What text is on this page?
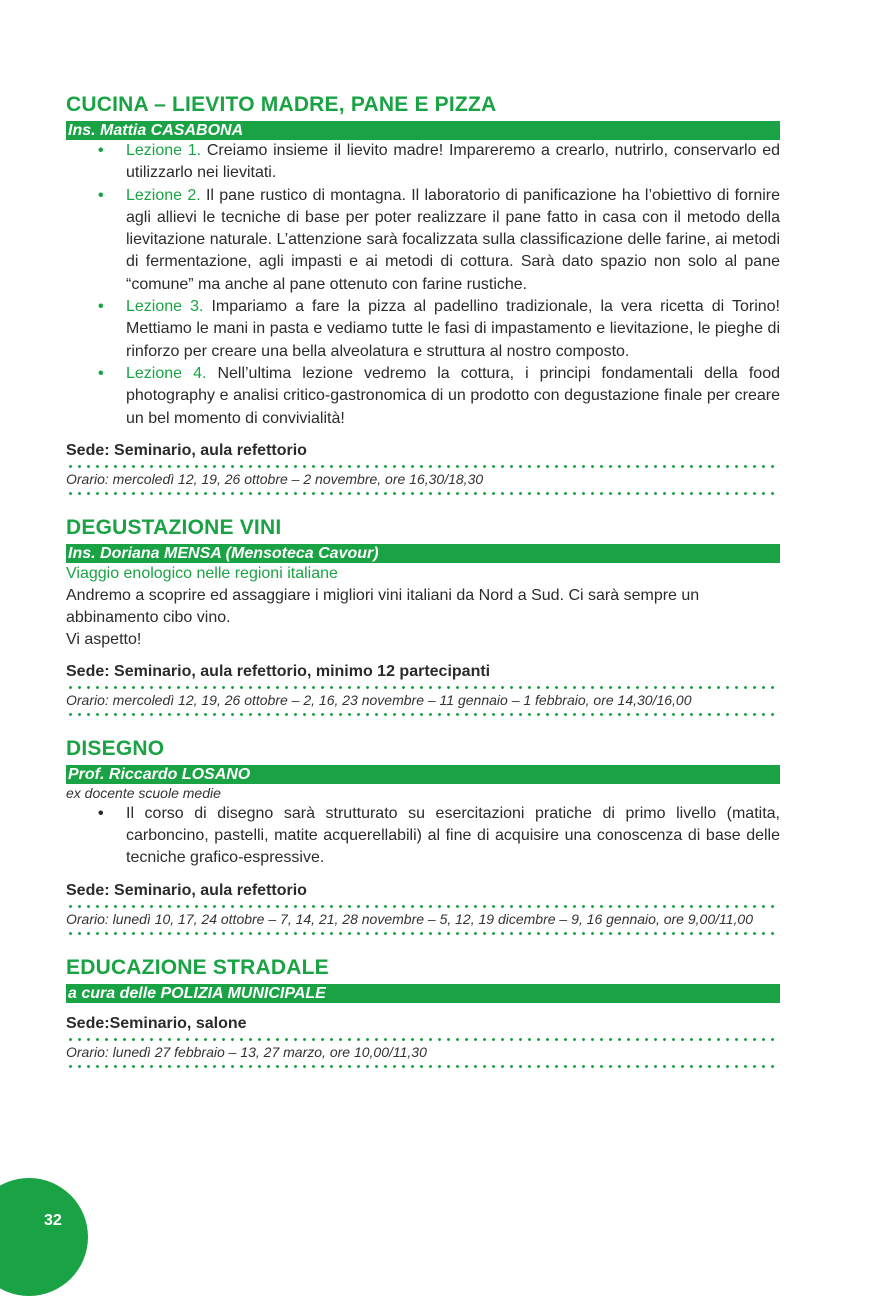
CUCINA – LIEVITO MADRE, PANE E PIZZA
Ins. Mattia CASABONA
• Lezione 1. Creiamo insieme il lievito madre! Impareremo a crearlo, nutrirlo, conservarlo ed utilizzarlo nei lievitati.
• Lezione 2. Il pane rustico di montagna. Il laboratorio di panificazione ha l’obiettivo di fornire agli allievi le tecniche di base per poter realizzare il pane fatto in casa con il metodo della lievitazione naturale. L’attenzione sarà focalizzata sulla classificazione delle farine, ai metodi di fermentazione, agli impasti e ai metodi di cottura. Sarà dato spazio non solo al pane “comune” ma anche al pane ottenuto con farine rustiche.
• Lezione 3. Impariamo a fare la pizza al padellino tradizionale, la vera ricetta di Torino! Mettiamo le mani in pasta e vediamo tutte le fasi di impastamento e lievitazione, le pieghe di rinforzo per creare una bella alveolatura e struttura al nostro composto.
• Lezione 4. Nell’ultima lezione vedremo la cottura, i principi fondamentali della food photography e analisi critico-gastronomica di un prodotto con degustazione finale per creare un bel momento di convivialità!
Sede: Seminario, aula refettorio
Orario: mercoledì 12, 19, 26 ottobre – 2 novembre, ore 16,30/18,30
DEGUSTAZIONE VINI
Ins. Doriana MENSA (Mensoteca Cavour)
Viaggio enologico nelle regioni italiane
Andremo a scoprire ed assaggiare i migliori vini italiani da Nord a Sud. Ci sarà sempre un abbinamento cibo vino.
Vi aspetto!
Sede: Seminario, aula refettorio, minimo 12 partecipanti
Orario: mercoledì 12, 19, 26 ottobre – 2, 16, 23 novembre – 11 gennaio – 1 febbraio, ore 14,30/16,00
DISEGNO
Prof. Riccardo LOSANO
ex docente scuole medie
• Il corso di disegno sarà strutturato su esercitazioni pratiche di primo livello (matita, carboncino, pastelli, matite acquerellabili) al fine di acquisire una conoscenza di base delle tecniche grafico-espressive.
Sede: Seminario, aula refettorio
Orario: lunedì 10, 17, 24 ottobre – 7, 14, 21, 28 novembre – 5, 12, 19 dicembre – 9, 16 gennaio, ore 9,00/11,00
EDUCAZIONE STRADALE
a cura delle POLIZIA MUNICIPALE
Sede:Seminario, salone
Orario: lunedì 27 febbraio – 13, 27 marzo, ore 10,00/11,30
32
